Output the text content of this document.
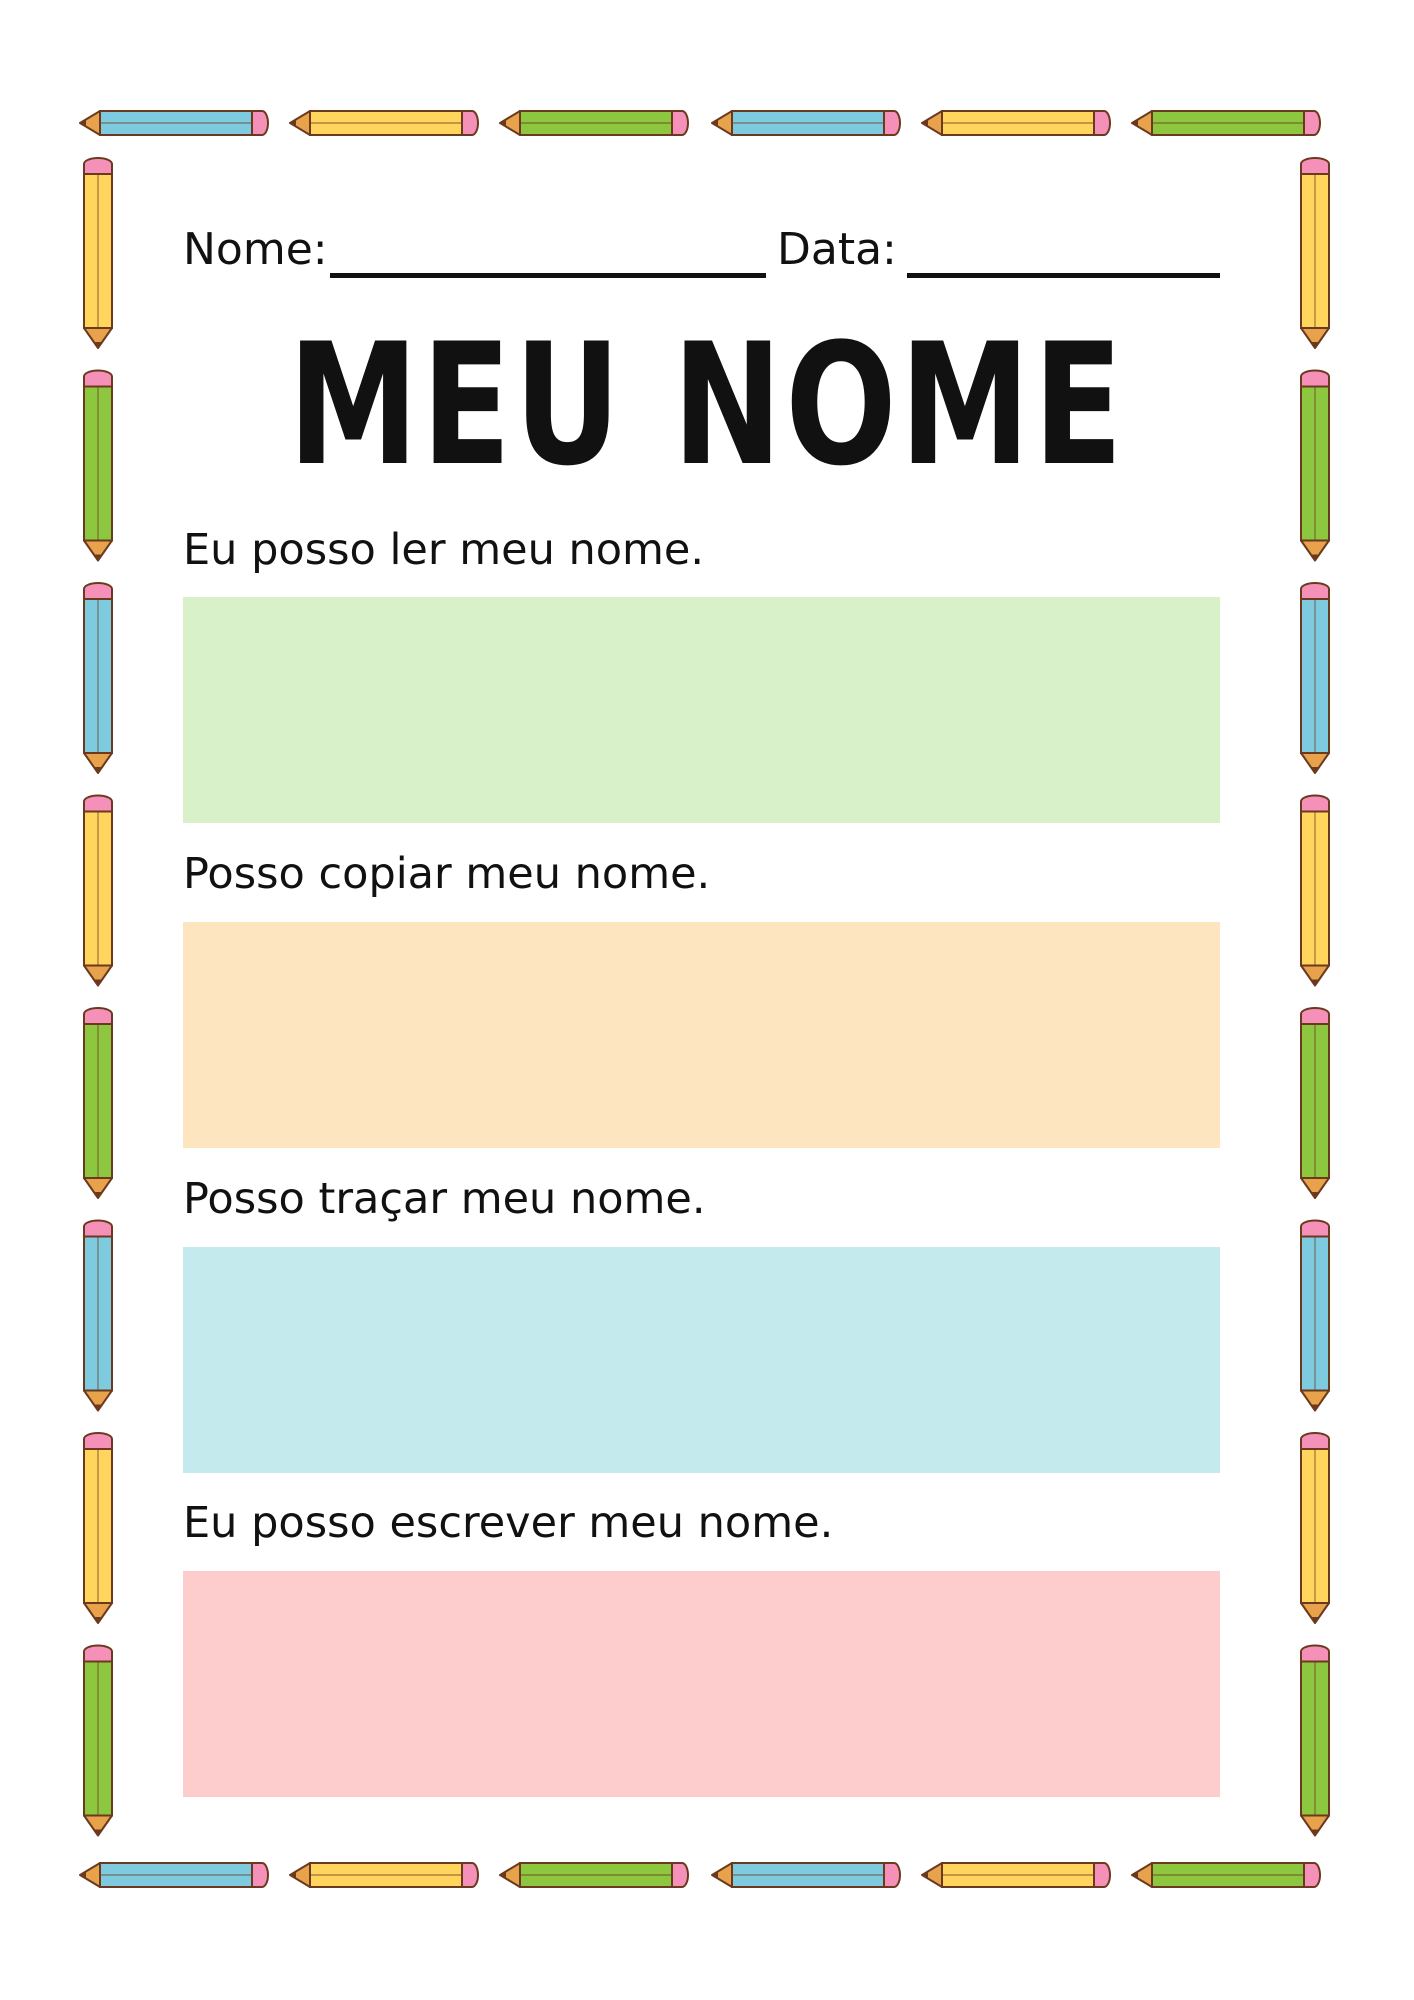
Nome:	Data:
MEU NOME
Eu posso ler meu nome.
Posso copiar meu nome.
Posso traçar meu nome.
Eu posso escrever meu nome.
